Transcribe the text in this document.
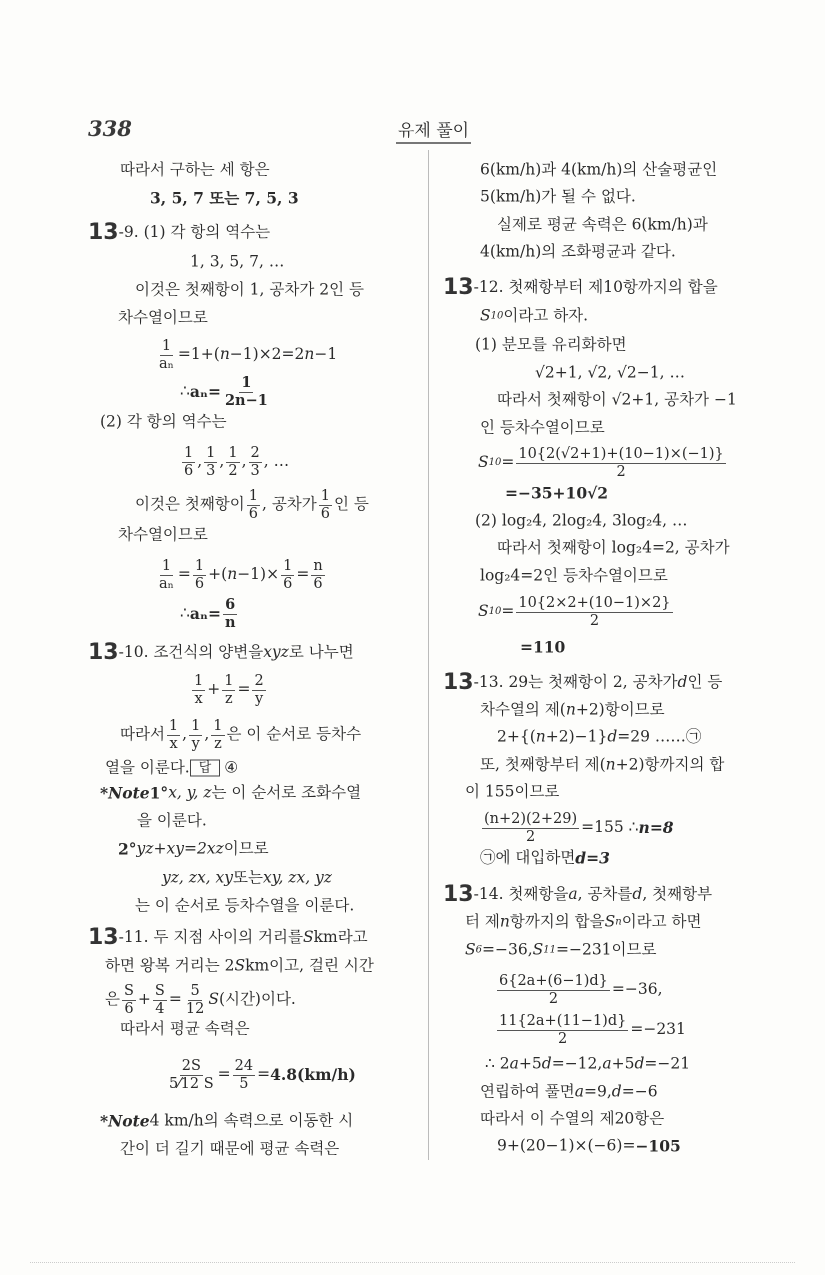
338	유제 풀이
따라서 구하는 세 항은
3, 5, 7 또는 7, 5, 3
13 -9. (1) 각 항의 역수는
1, 3, 5, 7, …
이것은 첫째항이 1, 공차가 2인 등
차수열이므로
$\frac{1}{\text{aₙ}} =1+$( n −1)×2=2 n −1
∴ $a_n= \frac{1}{2n-1}$
(2) 각 항의 역수는
$\frac{1}{6}$ , $\frac{1}{3}$ , $\frac{1}{2}$ , $\frac{2}{3}$ , …
이것은 첫째항이 $\frac{1}{6}$ , 공차가 $\frac{1}{6}$ 인 등
차수열이므로
$\frac{1}{\text{aₙ}} = \frac{1}{6}$ +( $n -1)\times \frac{1}{6} = \frac{n}{6}$
∴ $a_n= \frac{6}{n}$
13 -10. 조건식의 양변을 xyz 로 나누면
$\frac{1}{x} + \frac{1}{z} = \frac{2}{y}$
따라서 $\frac{1}{x}$ , $\frac{1}{y}$ , $\frac{1}{z}$ 은 이 순서로 등차수
열을 이룬다. 답 ④
* Note 1° x, y, z 는 이 순서로 조화수열
을 이룬다.
2° yz+xy=2xz 이므로
yz, zx, xy 또는 xy, zx, yz
는 이 순서로 등차수열을 이룬다.
13 -11. 두 지점 사이의 거리를 S km라고
하면 왕복 거리는 2 S km이고, 걸린 시간
은 $\frac{S}{6} + \frac{S}{4} = \frac{5}{12}$ S (시간)이다.
따라서 평균 속력은
$\frac{2S}{5⁄12 S} = \frac{24}{5} = 4.8(km/h)$
* Note 4 km/h의 속력으로 이동한 시
간이 더 길기 때문에 평균 속력은
6(km/h)과 4(km/h)의 산술평균인
5(km/h)가 될 수 없다.
실제로 평균 속력은 6(km/h)과
4(km/h)의 조화평균과 같다.
13 -12. 첫째항부터 제10항까지의 합을
S 10 이라고 하자.
(1) 분모를 유리화하면
√2+1, √2, √2−1, …
따라서 첫째항이 √2+1, 공차가 −1
인 등차수열이므로
S $10 = \frac{10\{2(√2+1)+(10-1)\times(-1)\}}{2}$
=−35+10√2
(2) log₂4, 2log₂4, 3log₂4, …
따라서 첫째항이 log₂4=2, 공차가
log₂4=2인 등차수열이므로
S $10 = \frac{10\{2\times 2+(10-1)\times 2\}}{2}$
=110
13 -13. 29는 첫째항이 2, 공차가 d 인 등
차수열의 제( n +2)항이므로
2+{( n +2)−1} d =29 ……㉠
또, 첫째항부터 제( n +2)항까지의 합
이 155이므로
$\frac{(n+2)(2+29)}{2} =155$ ∴ n=8
㉠에 대입하면 d=3
13 -14. 첫째항을 a , 공차를 d , 첫째항부
터 제 n 항까지의 합을 S n 이라고 하면
S 6 =−36, S 11 =−231이므로
$\frac{6\{2a+(6-1)d\}}{2} =-36$,
$\frac{11\{2a+(11-1)d\}}{2} =-231$
∴ 2 a +5 d =−12, a +5 d =−21
연립하여 풀면 a =9, d =−6
따라서 이 수열의 제20항은
9+(20−1)×(−6)= −105
